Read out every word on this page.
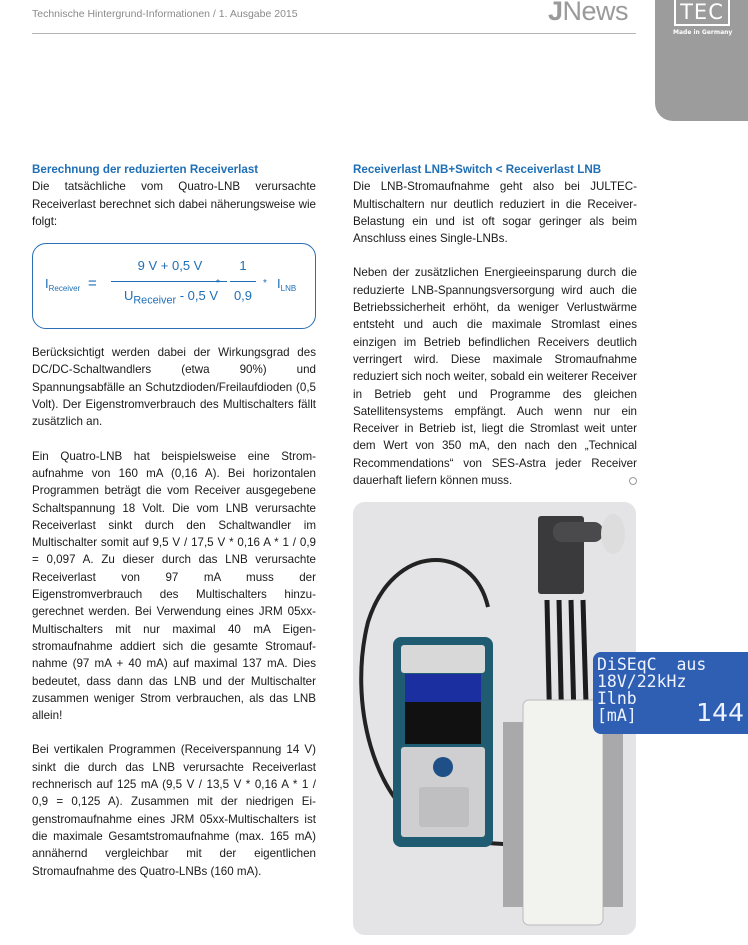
Technische Hintergrund-Informationen / 1. Ausgabe 2015	JNews TEC
Made in Germany
Berechnung der reduzierten Receiverlast

Die tatsächliche vom Quatro-LNB verursachte Receiverlast berechnet sich dabei näherungsweise wie folgt:

Berücksichtigt werden dabei der Wirkungsgrad des DC/DC-Schaltwandlers (etwa 90%) und Spannungsabfälle an Schutzdioden/Freilaufdioden (0,5 Volt). Der Eigenstromverbrauch des Multischalters fällt zusätzlich an.

Ein Quatro-LNB hat beispielsweise eine Stromaufnahme von 160 mA (0,16 A). Bei horizontalen Programmen beträgt die vom Receiver ausgegebene Schaltspannung 18 Volt. Die vom LNB verursachte Receiverlast sinkt durch den Schaltwandler im Multischalter somit auf 9,5 V / 17,5 V * 0,16 A * 1 / 0,9 = 0,097 A. Zu dieser durch das LNB verursachte Receiverlast von 97 mA muss der Eigenstromverbrauch des Multischalters hinzugerechnet werden. Bei Verwendung eines JRM 05xx-Multischalters mit nur maximal 40 mA Eigenstromaufnahme addiert sich die gesamte Stromaufnahme (97 mA + 40 mA) auf maximal 137 mA. Dies bedeutet, dass dann das LNB und der Multischalter zusammen weniger Strom verbrauchen, als das LNB allein!

Bei vertikalen Programmen (Receiverspannung 14 V) sinkt die durch das LNB verursachte Receiverlast rechnerisch auf 125 mA (9,5 V / 13,5 V * 0,16 A * 1 / 0,9 = 0,125 A). Zusammen mit der niedrigen Eigenstromaufnahme eines JRM 05xx-Multischalters ist die maximale Gesamtstromaufnahme (max. 165 mA) annähernd vergleichbar mit der eigentlichen Stromaufnahme des Quatro-LNBs (160 mA).

$I_{Receiver}$ =
9 V + 0,5 V
$U_{Receiver} - 0,5$ V
*
1
0,9
* $I_{LNB}$
Receiverlast LNB+Switch < Receiverlast LNB

Die LNB-Stromaufnahme geht also bei JULTEC-Multischaltern nur deutlich reduziert in die Receiver-Belastung ein und ist oft sogar geringer als beim Anschluss eines Single-LNBs.

Neben der zusätzlichen Energieeinsparung durch die reduzierte LNB-Spannungsversorgung wird auch die Betriebssicherheit erhöht, da weniger Verlustwärme entsteht und auch die maximale Stromlast eines einzigen im Betrieb befindlichen Receivers deutlich verringert wird. Diese maximale Stromaufnahme reduziert sich noch weiter, sobald ein weiterer Receiver in Betrieb geht und Programme des gleichen Satellitensystems empfängt. Auch wenn nur ein Receiver in Betrieb ist, liegt die Stromlast weit unter dem Wert von 350 mA, den nach den „Technical Recommendations“ von SES-Astra jeder Receiver dauerhaft liefern können muss.

DiSEqC  aus
18V/22kHz
Ilnb
[mA]	144
